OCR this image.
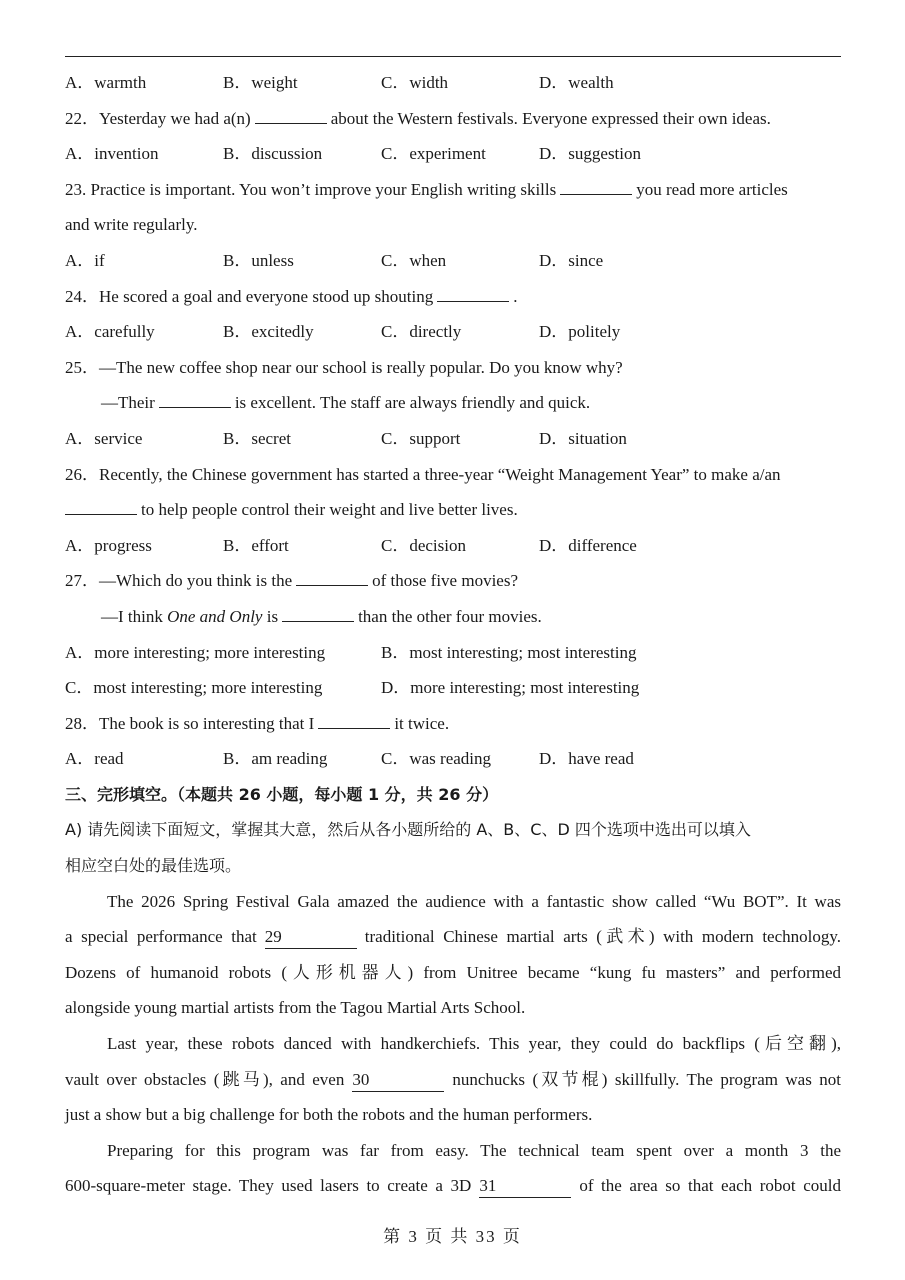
A．warmth	B．weight	C．width	D．wealth
22．Yesterday we had a(n)	about the Western festivals. Everyone expressed their own ideas.
A．invention	B．discussion	C．experiment	D．suggestion
23. Practice is important. You won’t improve your English writing skills	you read more articles
and write regularly.
A．if	B．unless	C．when	D．since
24．He scored a goal and everyone stood up shouting	.
A．carefully	B．excitedly	C．directly	D．politely
25．—The new coffee shop near our school is really popular. Do you know why?
—Their	is excellent. The staff are always friendly and quick.
A．service	B．secret	C．support	D．situation
26．Recently, the Chinese government has started a three-year “Weight Management Year” to make a/an
to help people control their weight and live better lives.
A．progress	B．effort	C．decision	D．difference
27．—Which do you think is the	of those five movies?
—I think One and Only is	than the other four movies.
A．more interesting; more interesting	B．most interesting; most interesting
C．most interesting; more interesting	D．more interesting; most interesting
28．The book is so interesting that I	it twice.
A．read	B．am reading	C．was reading	D．have read
三、完形填空。（本题共 26 小题，每小题 1 分，共 26 分）
A) 请先阅读下面短文，掌握其大意，然后从各小题所给的 A、B、C、D 四个选项中选出可以填入
相应空白处的最佳选项。
The 2026 Spring Festival Gala amazed the audience with a fantastic show called “Wu BOT”. It was
a special performance that 29	traditional Chinese martial arts (武术) with modern technology.
Dozens of humanoid robots (人形机器人) from Unitree became “kung fu masters” and performed
alongside young martial artists from the Tagou Martial Arts School.
Last year, these robots danced with handkerchiefs. This year, they could do backflips (后空翻),
vault over obstacles (跳马), and even 30	nunchucks (双节棍) skillfully. The program was not
just a show but a big challenge for both the robots and the human performers.
Preparing for this program was far from easy. The technical team spent over a month 3 the
600-square-meter stage. They used lasers to create a 3D 31	of the area so that each robot could
第 3 页 共 33 页
